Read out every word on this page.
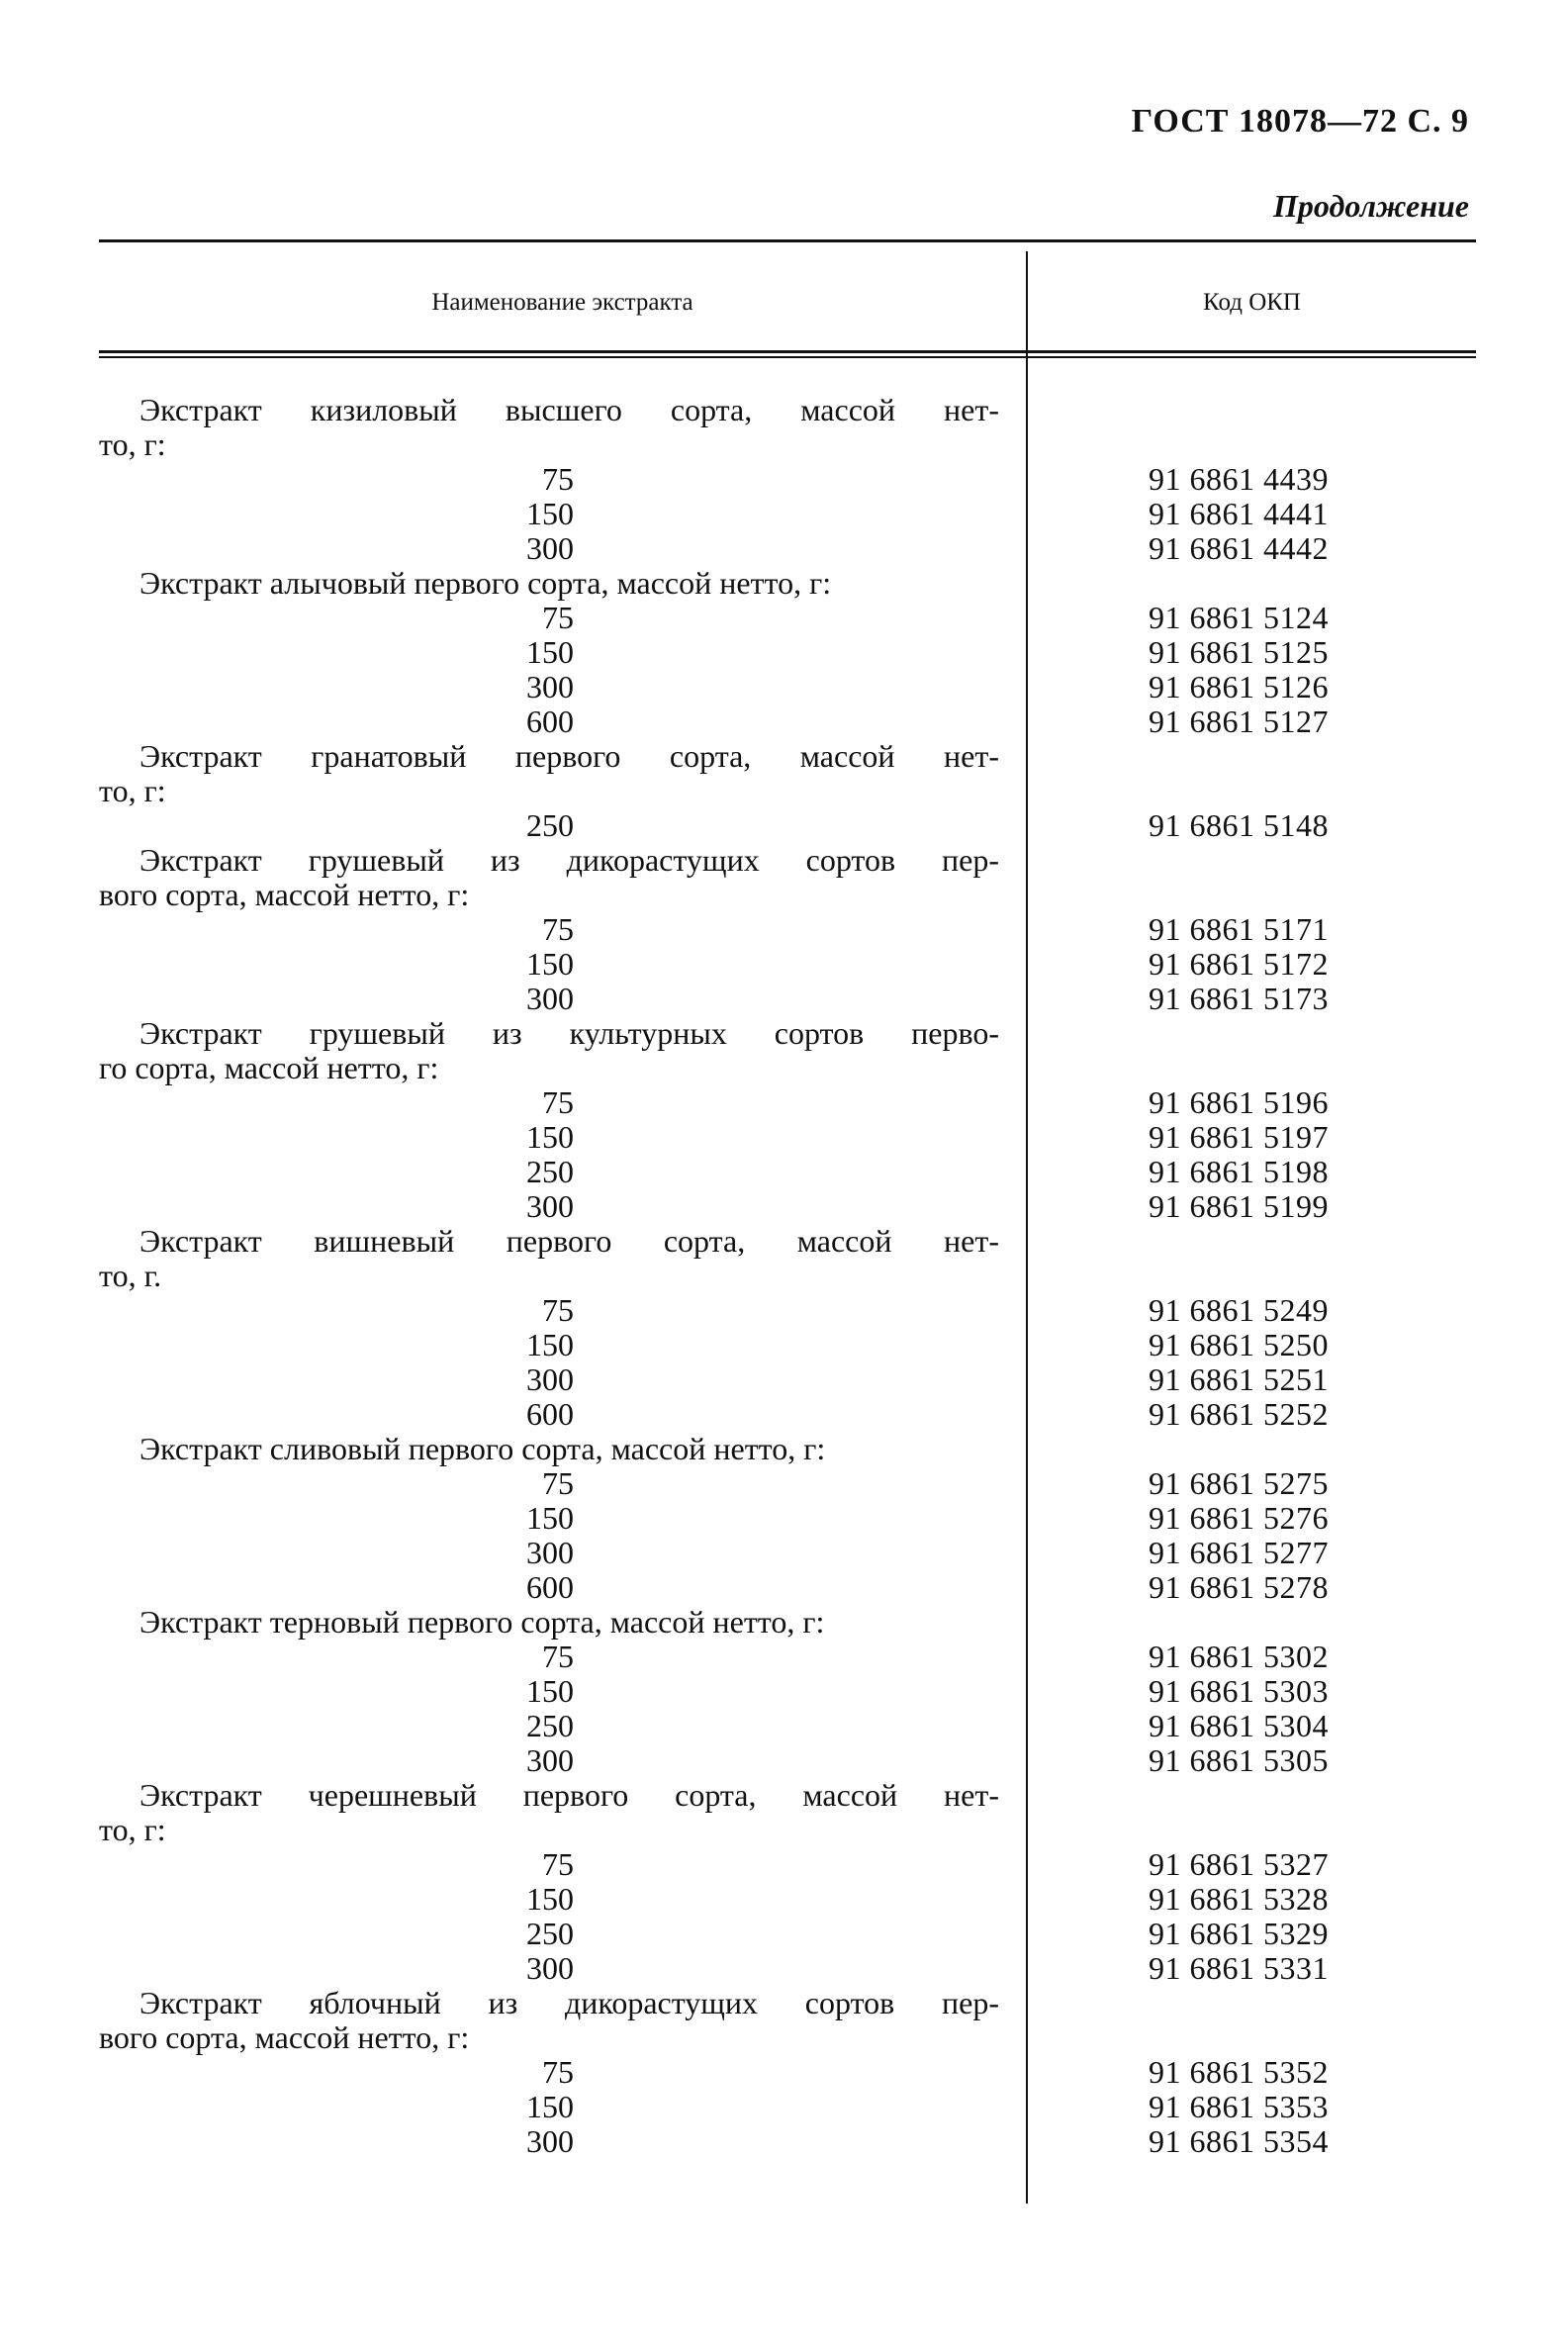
ГОСТ 18078—72 С. 9
Продолжение
Наименование экстракта	Код ОКП
Экстракт кизиловый высшего сорта, массой нет-
то, г:
75	91 6861 4439
150	91 6861 4441
300	91 6861 4442
Экстракт алычовый первого сорта, массой нетто, г:
75	91 6861 5124
150	91 6861 5125
300	91 6861 5126
600	91 6861 5127
Экстракт гранатовый первого сорта, массой нет-
то, г:
250	91 6861 5148
Экстракт грушевый из дикорастущих сортов пер-
вого сорта, массой нетто, г:
75	91 6861 5171
150	91 6861 5172
300	91 6861 5173
Экстракт грушевый из культурных сортов перво-
го сорта, массой нетто, г:
75	91 6861 5196
150	91 6861 5197
250	91 6861 5198
300	91 6861 5199
Экстракт вишневый первого сорта, массой нет-
то, г.
75	91 6861 5249
150	91 6861 5250
300	91 6861 5251
600	91 6861 5252
Экстракт сливовый первого сорта, массой нетто, г:
75	91 6861 5275
150	91 6861 5276
300	91 6861 5277
600	91 6861 5278
Экстракт терновый первого сорта, массой нетто, г:
75	91 6861 5302
150	91 6861 5303
250	91 6861 5304
300	91 6861 5305
Экстракт черешневый первого сорта, массой нет-
то, г:
75	91 6861 5327
150	91 6861 5328
250	91 6861 5329
300	91 6861 5331
Экстракт яблочный из дикорастущих сортов пер-
вого сорта, массой нетто, г:
75	91 6861 5352
150	91 6861 5353
300	91 6861 5354
